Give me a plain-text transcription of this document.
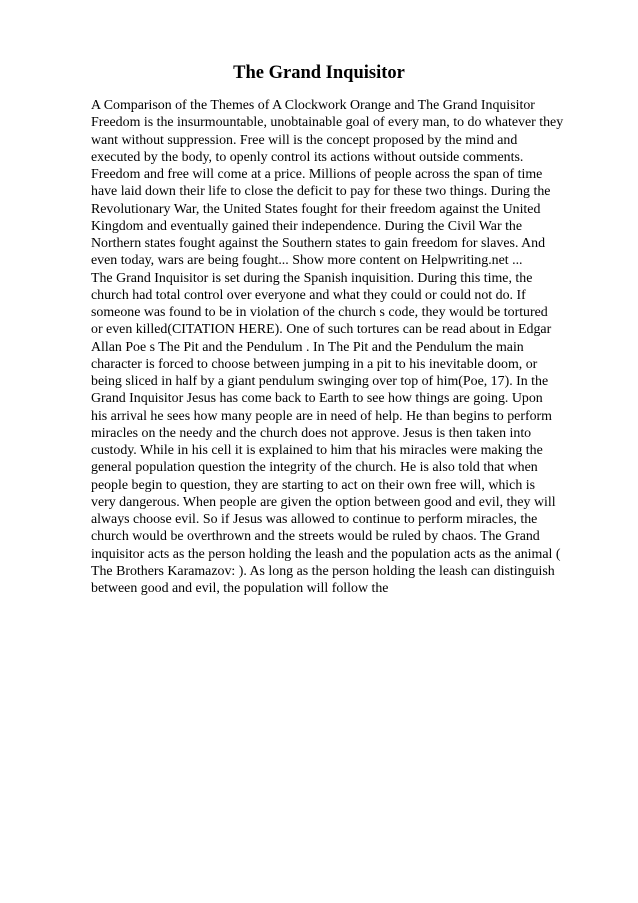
The Grand Inquisitor
A Comparison of the Themes of A Clockwork Orange and The Grand Inquisitor
Freedom is the insurmountable, unobtainable goal of every man, to do whatever they
want without suppression. Free will is the concept proposed by the mind and
executed by the body, to openly control its actions without outside comments.
Freedom and free will come at a price. Millions of people across the span of time
have laid down their life to close the deficit to pay for these two things. During the
Revolutionary War, the United States fought for their freedom against the United
Kingdom and eventually gained their independence. During the Civil War the
Northern states fought against the Southern states to gain freedom for slaves. And
even today, wars are being fought... Show more content on Helpwriting.net ...
The Grand Inquisitor is set during the Spanish inquisition. During this time, the
church had total control over everyone and what they could or could not do. If
someone was found to be in violation of the church s code, they would be tortured
or even killed(CITATION HERE). One of such tortures can be read about in Edgar
Allan Poe s The Pit and the Pendulum . In The Pit and the Pendulum the main
character is forced to choose between jumping in a pit to his inevitable doom, or
being sliced in half by a giant pendulum swinging over top of him(Poe, 17). In the
Grand Inquisitor Jesus has come back to Earth to see how things are going. Upon
his arrival he sees how many people are in need of help. He than begins to perform
miracles on the needy and the church does not approve. Jesus is then taken into
custody. While in his cell it is explained to him that his miracles were making the
general population question the integrity of the church. He is also told that when
people begin to question, they are starting to act on their own free will, which is
very dangerous. When people are given the option between good and evil, they will
always choose evil. So if Jesus was allowed to continue to perform miracles, the
church would be overthrown and the streets would be ruled by chaos. The Grand
inquisitor acts as the person holding the leash and the population acts as the animal (
The Brothers Karamazov: ). As long as the person holding the leash can distinguish
between good and evil, the population will follow the
